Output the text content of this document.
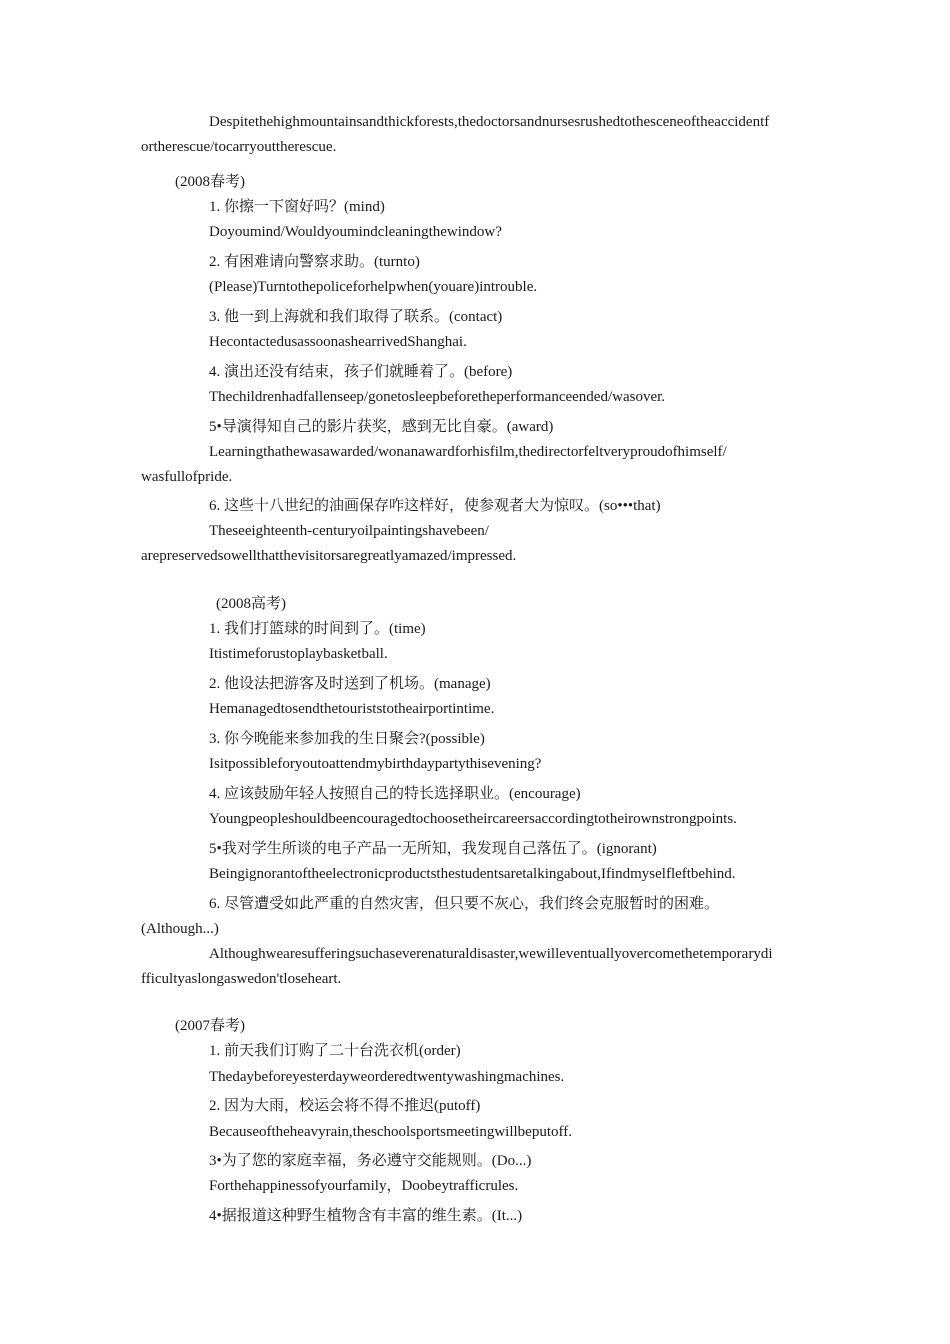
Despitethehighmountainsandthickforests,thedoctorsandnursesrushedtothesceneoftheaccidentf
ortherescue/tocarryouttherescue.
(2008春考)
1. 你擦一下窗好吗？(mind)
Doyoumind/Wouldyoumindcleaningthewindow?
2. 有困难请向警察求助。(turnto)
(Please)Turntothepoliceforhelpwhen(youare)introuble.
3. 他一到上海就和我们取得了联系。(contact)
HecontactedusassoonashearrivedShanghai.
4. 演出还没有结束，孩子们就睡着了。(before)
Thechildrenhadfallenseep/gonetosleepbeforetheperformanceended/wasover.
5•导演得知自己的影片获奖，感到无比自豪。(award)
Learningthathewasawarded/wonanawardforhisfilm,thedirectorfeltveryproudofhimself/
wasfullofpride.
6. 这些十八世纪的油画保存咋这样好，使参观者大为惊叹。(so•••that)
Theseeighteenth-centuryoilpaintingshavebeen/
arepreservedsowellthatthevisitorsaregreatlyamazed/impressed.
(2008高考)
1. 我们打篮球的时间到了。(time)
Itistimeforustoplaybasketball.
2. 他设法把游客及时送到了机场。(manage)
Hemanagedtosendthetouriststotheairportintime.
3. 你今晚能来参加我的生日聚会?(possible)
Isitpossibleforyoutoattendmybirthdaypartythisevening?
4. 应该鼓励年轻人按照自己的特长选择职业。(encourage)
Youngpeopleshouldbeencouragedtochoosetheircareersaccordingtotheirownstrongpoints.
5•我对学生所谈的电子产品一无所知，我发现自己落伍了。(ignorant)
Beingignorantoftheelectronicproductsthestudentsaretalkingabout,Ifindmyselfleftbehind.
6. 尽管遭受如此严重的自然灾害，但只要不灰心，我们终会克服暂时的困难。
(Although...)
Althoughwearesufferingsuchaseverenaturaldisaster,wewilleventuallyovercomethetemporarydi
fficultyaslongaswedon'tloseheart.
(2007春考)
1. 前天我们订购了二十台洗衣机(order)
Thedaybeforeyesterdayweorderedtwentywashingmachines.
2. 因为大雨，校运会将不得不推迟(putoff)
Becauseoftheheavyrain,theschoolsportsmeetingwillbeputoff.
3•为了您的家庭幸福，务必遵守交能规则。(Do...)
Forthehappinessofyourfamily，Doobeytrafficrules.
4•据报道这种野生植物含有丰富的维生素。(It...)
